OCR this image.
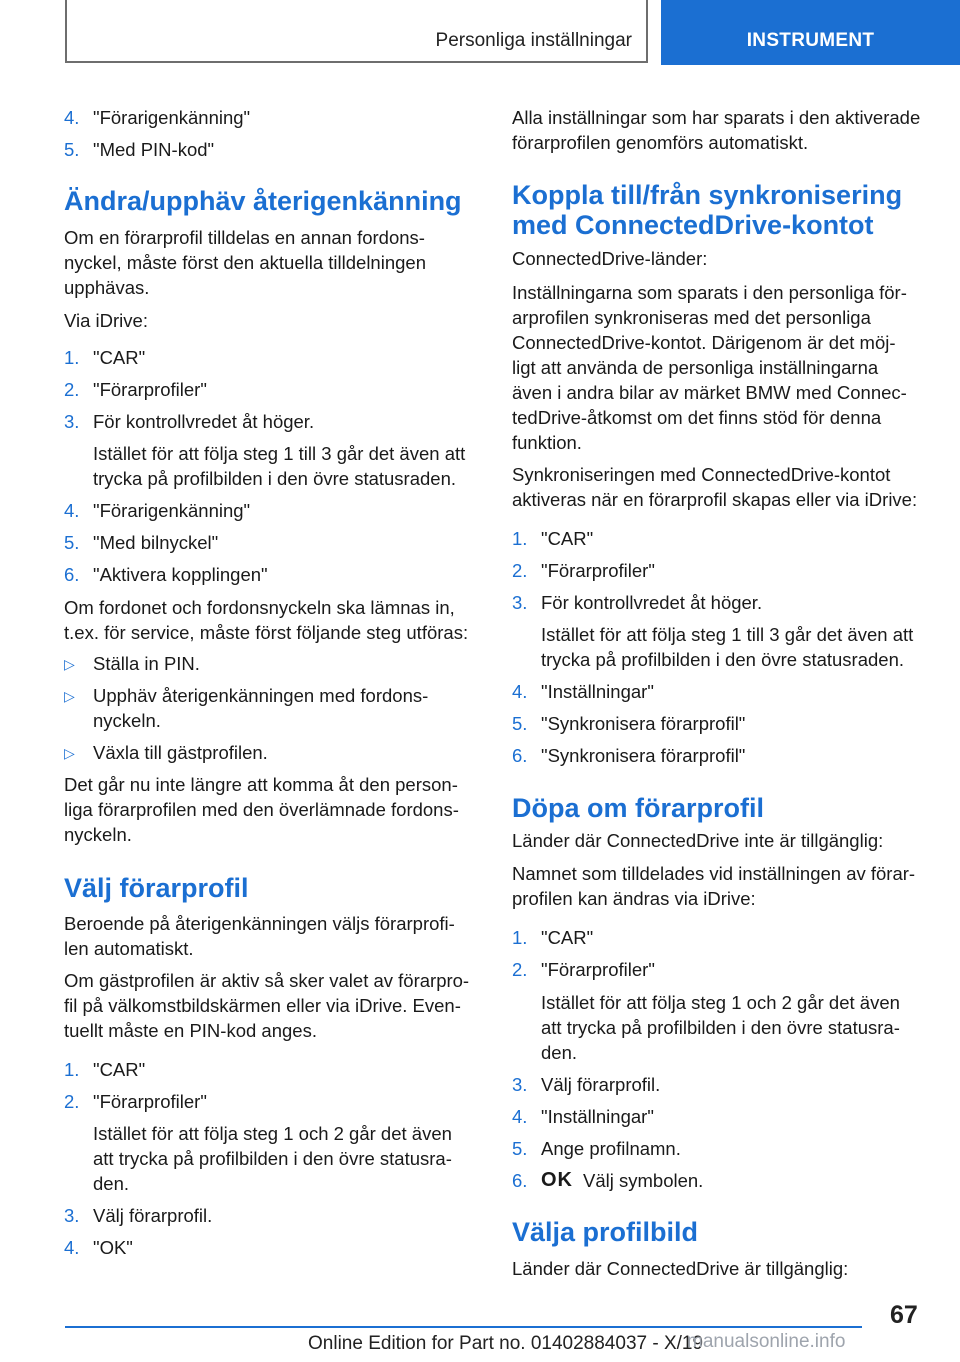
Personliga inställningar	INSTRUMENT
4. "Förarigenkänning"
5. "Med PIN-kod"
Ändra/upphäv återigenkänning
Om en förarprofil tilldelas en annan fordons-
nyckel, måste först den aktuella tilldelningen
upphävas.
Via iDrive:
1. "CAR"
2. "Förarprofiler"
3. För kontrollvredet åt höger.
Istället för att följa steg 1 till 3 går det även att
trycka på profilbilden i den övre statusraden.
4. "Förarigenkänning"
5. "Med bilnyckel"
6. "Aktivera kopplingen"
Om fordonet och fordonsnyckeln ska lämnas in,
t.ex. för service, måste först följande steg utföras:
▷ Ställa in PIN.
▷ Upphäv återigenkänningen med fordons-
nyckeln.
▷ Växla till gästprofilen.
Det går nu inte längre att komma åt den person-
liga förarprofilen med den överlämnade fordons-
nyckeln.
Välj förarprofil
Beroende på återigenkänningen väljs förarprofi-
len automatiskt.
Om gästprofilen är aktiv så sker valet av förarpro-
fil på välkomstbildskärmen eller via iDrive. Even-
tuellt måste en PIN-kod anges.
1. "CAR"
2. "Förarprofiler"
Istället för att följa steg 1 och 2 går det även
att trycka på profilbilden i den övre statusra-
den.
3. Välj förarprofil.
4. "OK"
Alla inställningar som har sparats i den aktiverade
förarprofilen genomförs automatiskt.
Koppla till/från synkronisering
med ConnectedDrive-kontot
ConnectedDrive-länder:
Inställningarna som sparats i den personliga för-
arprofilen synkroniseras med det personliga
ConnectedDrive-kontot. Därigenom är det möj-
ligt att använda de personliga inställningarna
även i andra bilar av märket BMW med Connec-
tedDrive-åtkomst om det finns stöd för denna
funktion.
Synkroniseringen med ConnectedDrive-kontot
aktiveras när en förarprofil skapas eller via iDrive:
1. "CAR"
2. "Förarprofiler"
3. För kontrollvredet åt höger.
Istället för att följa steg 1 till 3 går det även att
trycka på profilbilden i den övre statusraden.
4. "Inställningar"
5. "Synkronisera förarprofil"
6. "Synkronisera förarprofil"
Döpa om förarprofil
Länder där ConnectedDrive inte är tillgänglig:
Namnet som tilldelades vid inställningen av förar-
profilen kan ändras via iDrive:
1. "CAR"
2. "Förarprofiler"
Istället för att följa steg 1 och 2 går det även
att trycka på profilbilden i den övre statusra-
den.
3. Välj förarprofil.
4. "Inställningar"
5. Ange profilnamn.
6. OK Välj symbolen.
Välja profilbild
Länder där ConnectedDrive är tillgänglig:
67
Online Edition for Part no. 01402884037 - X/19
manualsonline.info
